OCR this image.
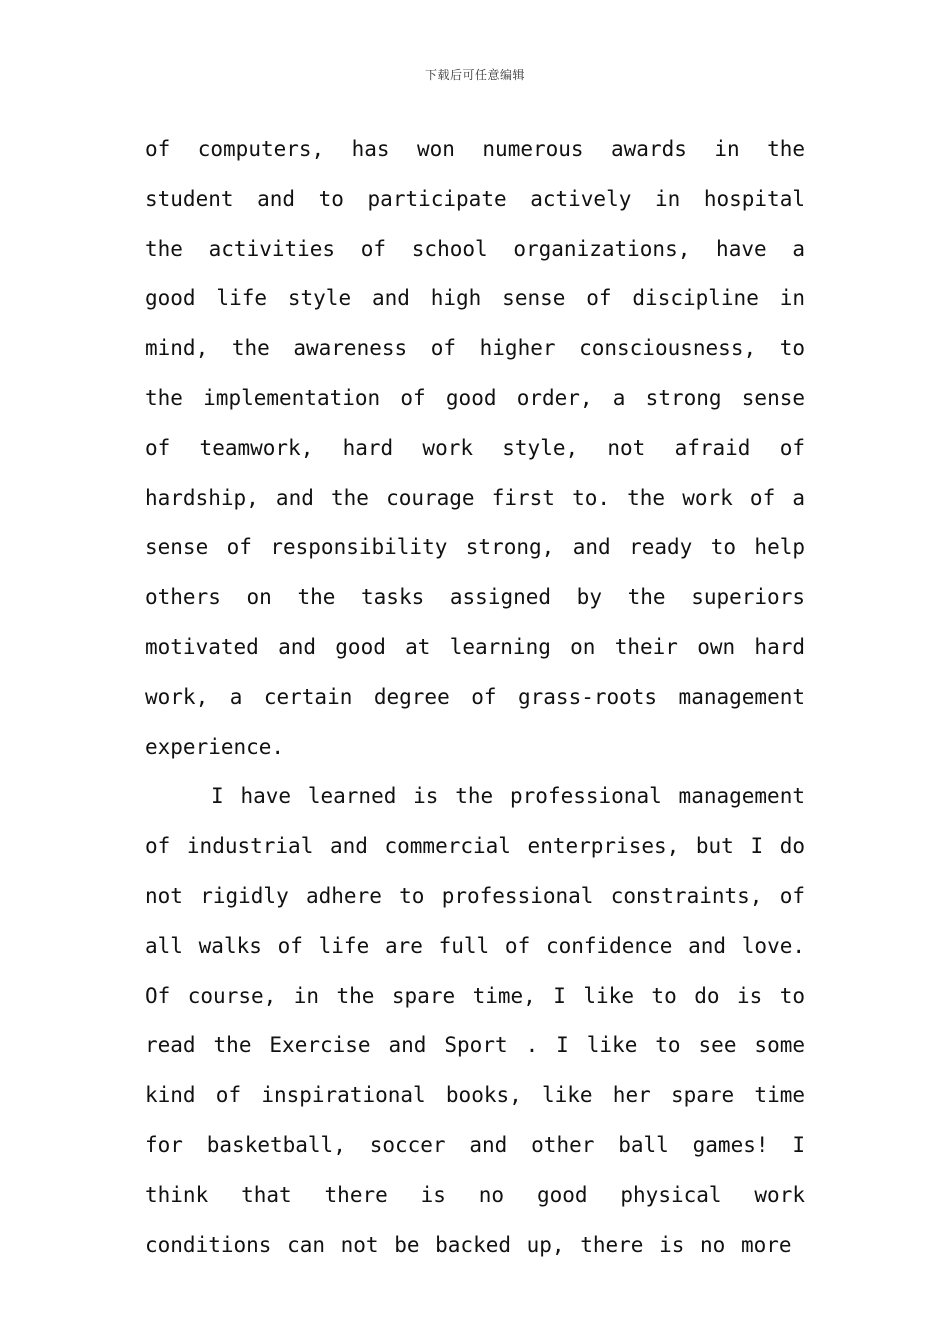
下载后可任意编辑

of computers, has won numerous awards in the student and to participate actively in hospital the activities of school organizations, have a good life style and high sense of discipline in mind, the awareness of higher consciousness, to the implementation of good order, a strong sense of teamwork, hard work style, not afraid of hardship, and the courage first to. the work of a sense of responsibility strong, and ready to help others on the tasks assigned by the superiors motivated and good at learning on their own hard work, a certain degree of grass-roots management experience.

I have learned is the professional management of industrial and commercial enterprises, but I do not rigidly adhere to professional constraints, of all walks of life are full of confidence and love. Of course, in the spare time, I like to do is to read the Exercise and Sport . I like to see some kind of inspirational books, like her spare time for basketball, soccer and other ball games! I think that there is no good physical work conditions can not be backed up, there is no more
